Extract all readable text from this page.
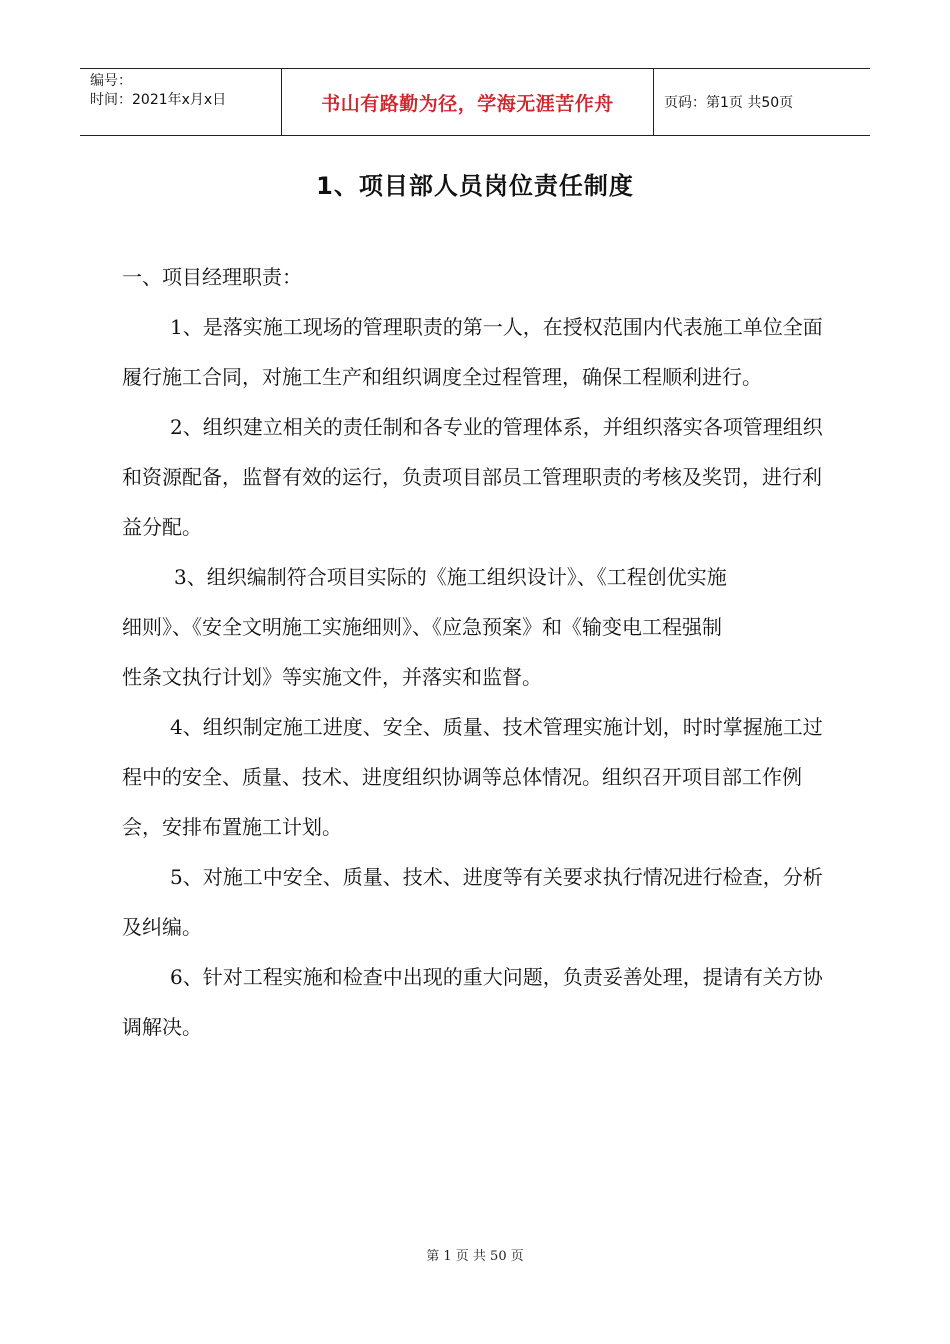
编号：
时间：2021年x月x日	书山有路勤为径，学海无涯苦作舟	页码：第1页 共50页
1、项目部人员岗位责任制度

一、项目经理职责：

1、是落实施工现场的管理职责的第一人，在授权范围内代表施工单位全面履行施工合同，对施工生产和组织调度全过程管理，确保工程顺利进行。

2、组织建立相关的责任制和各专业的管理体系，并组织落实各项管理组织和资源配备，监督有效的运行，负责项目部员工管理职责的考核及奖罚，进行利益分配。

3、组织编制符合项目实际的《施工组织设计》、《工程创优实施
细则》、《安全文明施工实施细则》、《应急预案》和《输变电工程强制
性条文执行计划》等实施文件，并落实和监督。

4、组织制定施工进度、安全、质量、技术管理实施计划，时时掌握施工过程中的安全、质量、技术、进度组织协调等总体情况。组织召开项目部工作例会，安排布置施工计划。

5、对施工中安全、质量、技术、进度等有关要求执行情况进行检查，分析及纠编。

6、针对工程实施和检查中出现的重大问题，负责妥善处理，提请有关方协调解决。

第 1 页 共 50 页
